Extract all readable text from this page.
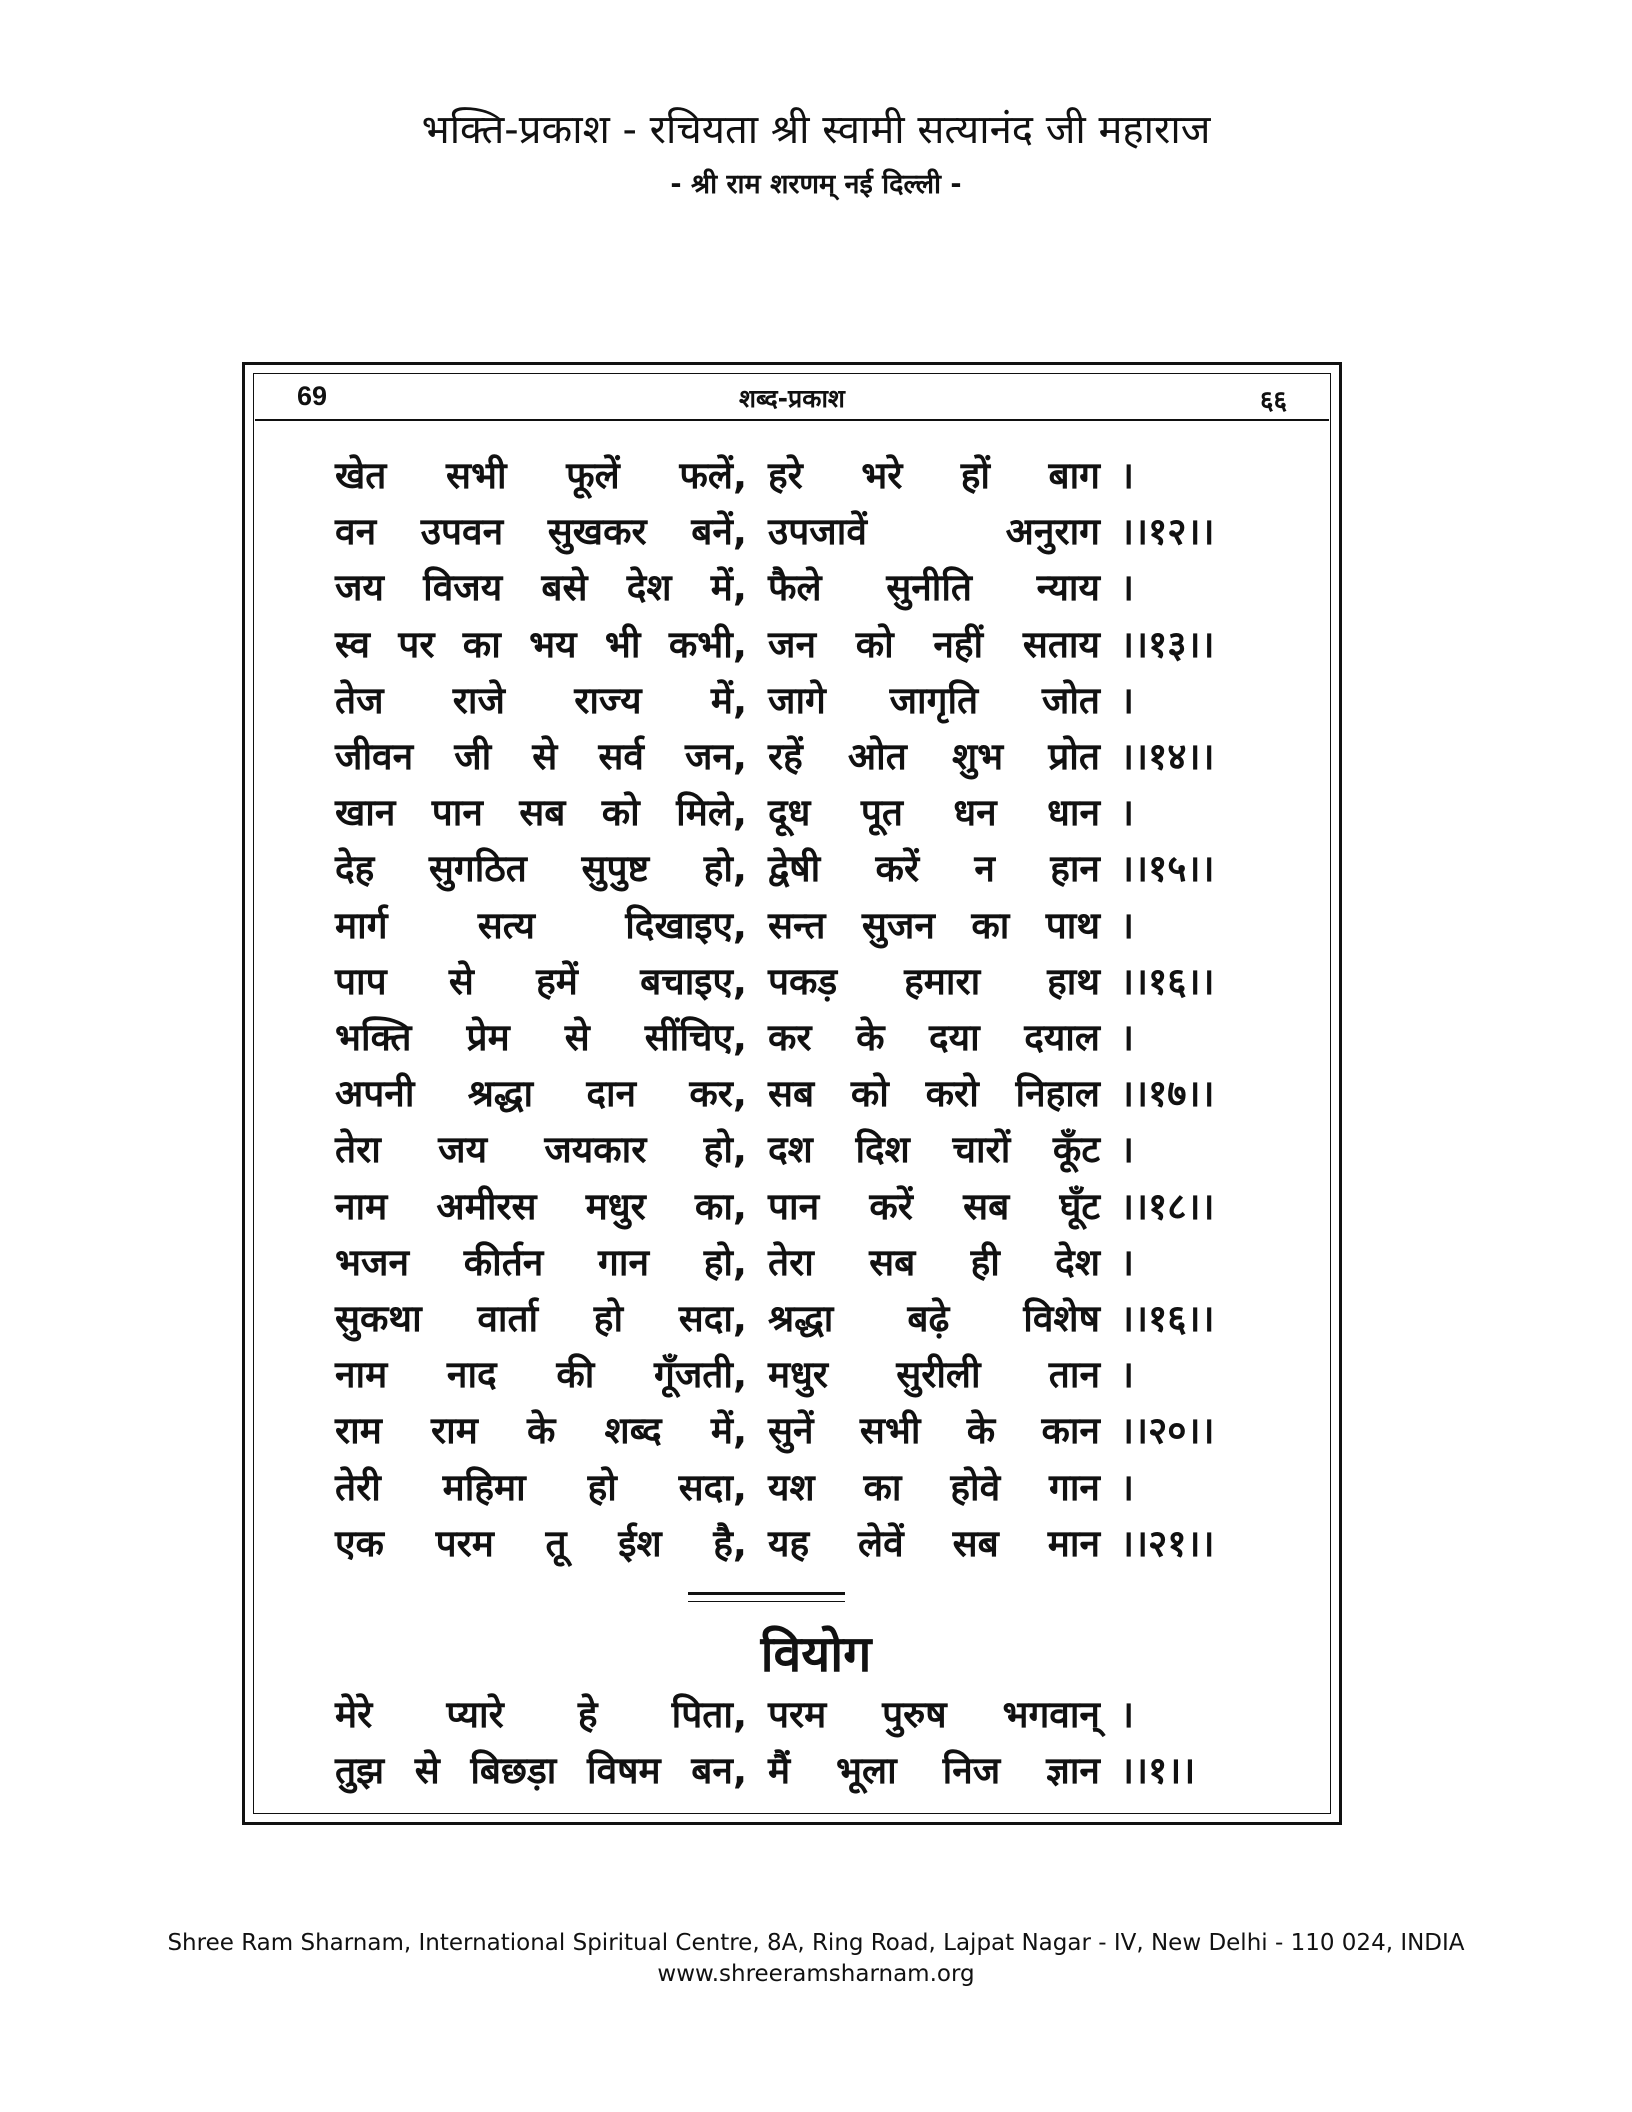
भक्ति-प्रकाश - रचियता श्री स्वामी सत्यानंद जी महाराज
- श्री राम शरणम् नई दिल्ली -
69	शब्द-प्रकाश	६६
खेत सभी फूलें फलें, हरे भरे हों बाग ।
वन उपवन सुखकर बनें, उपजावें	अनुराग ।।१२।।
जय विजय बसे देश में, फैले सुनीति न्याय ।
स्व पर का भय भी कभी, जन को नहीं सताय ।।१३।।
तेज राजे राज्य में, जागे जागृति जोत ।
जीवन जी से सर्व जन, रहें ओत शुभ प्रोत ।।१४।।
खान पान सब को मिले, दूध पूत धन धान ।
देह सुगठित सुपुष्ट हो, द्वेषी करें न हान ।।१५।।
मार्ग सत्य दिखाइए, सन्त सुजन का पाथ ।
पाप से हमें बचाइए, पकड़ हमारा हाथ ।।१६।।
भक्ति प्रेम से सींचिए, कर के दया दयाल ।
अपनी श्रद्धा दान कर, सब को करो निहाल ।।१७।।
तेरा जय जयकार हो, दश दिश चारों कूँट ।
नाम अमीरस मधुर का, पान करें सब घूँट ।।१८।।
भजन कीर्तन गान हो, तेरा सब ही देश ।
सुकथा वार्ता हो सदा, श्रद्धा बढ़े विशेष ।।१६।।
नाम नाद की गूँजती, मधुर सुरीली तान ।
राम राम के शब्द में, सुनें सभी के कान ।।२०।।
तेरी महिमा हो सदा, यश का होवे गान ।
एक परम तू ईश है, यह लेवें सब मान ।।२१।।
वियोग
मेरे प्यारे हे पिता, परम पुरुष भगवान् ।
तुझ से बिछड़ा विषम बन, मैं भूला निज ज्ञान ।।१।।
Shree Ram Sharnam, International Spiritual Centre, 8A, Ring Road, Lajpat Nagar - IV, New Delhi - 110 024, INDIA
www.shreeramsharnam.org
